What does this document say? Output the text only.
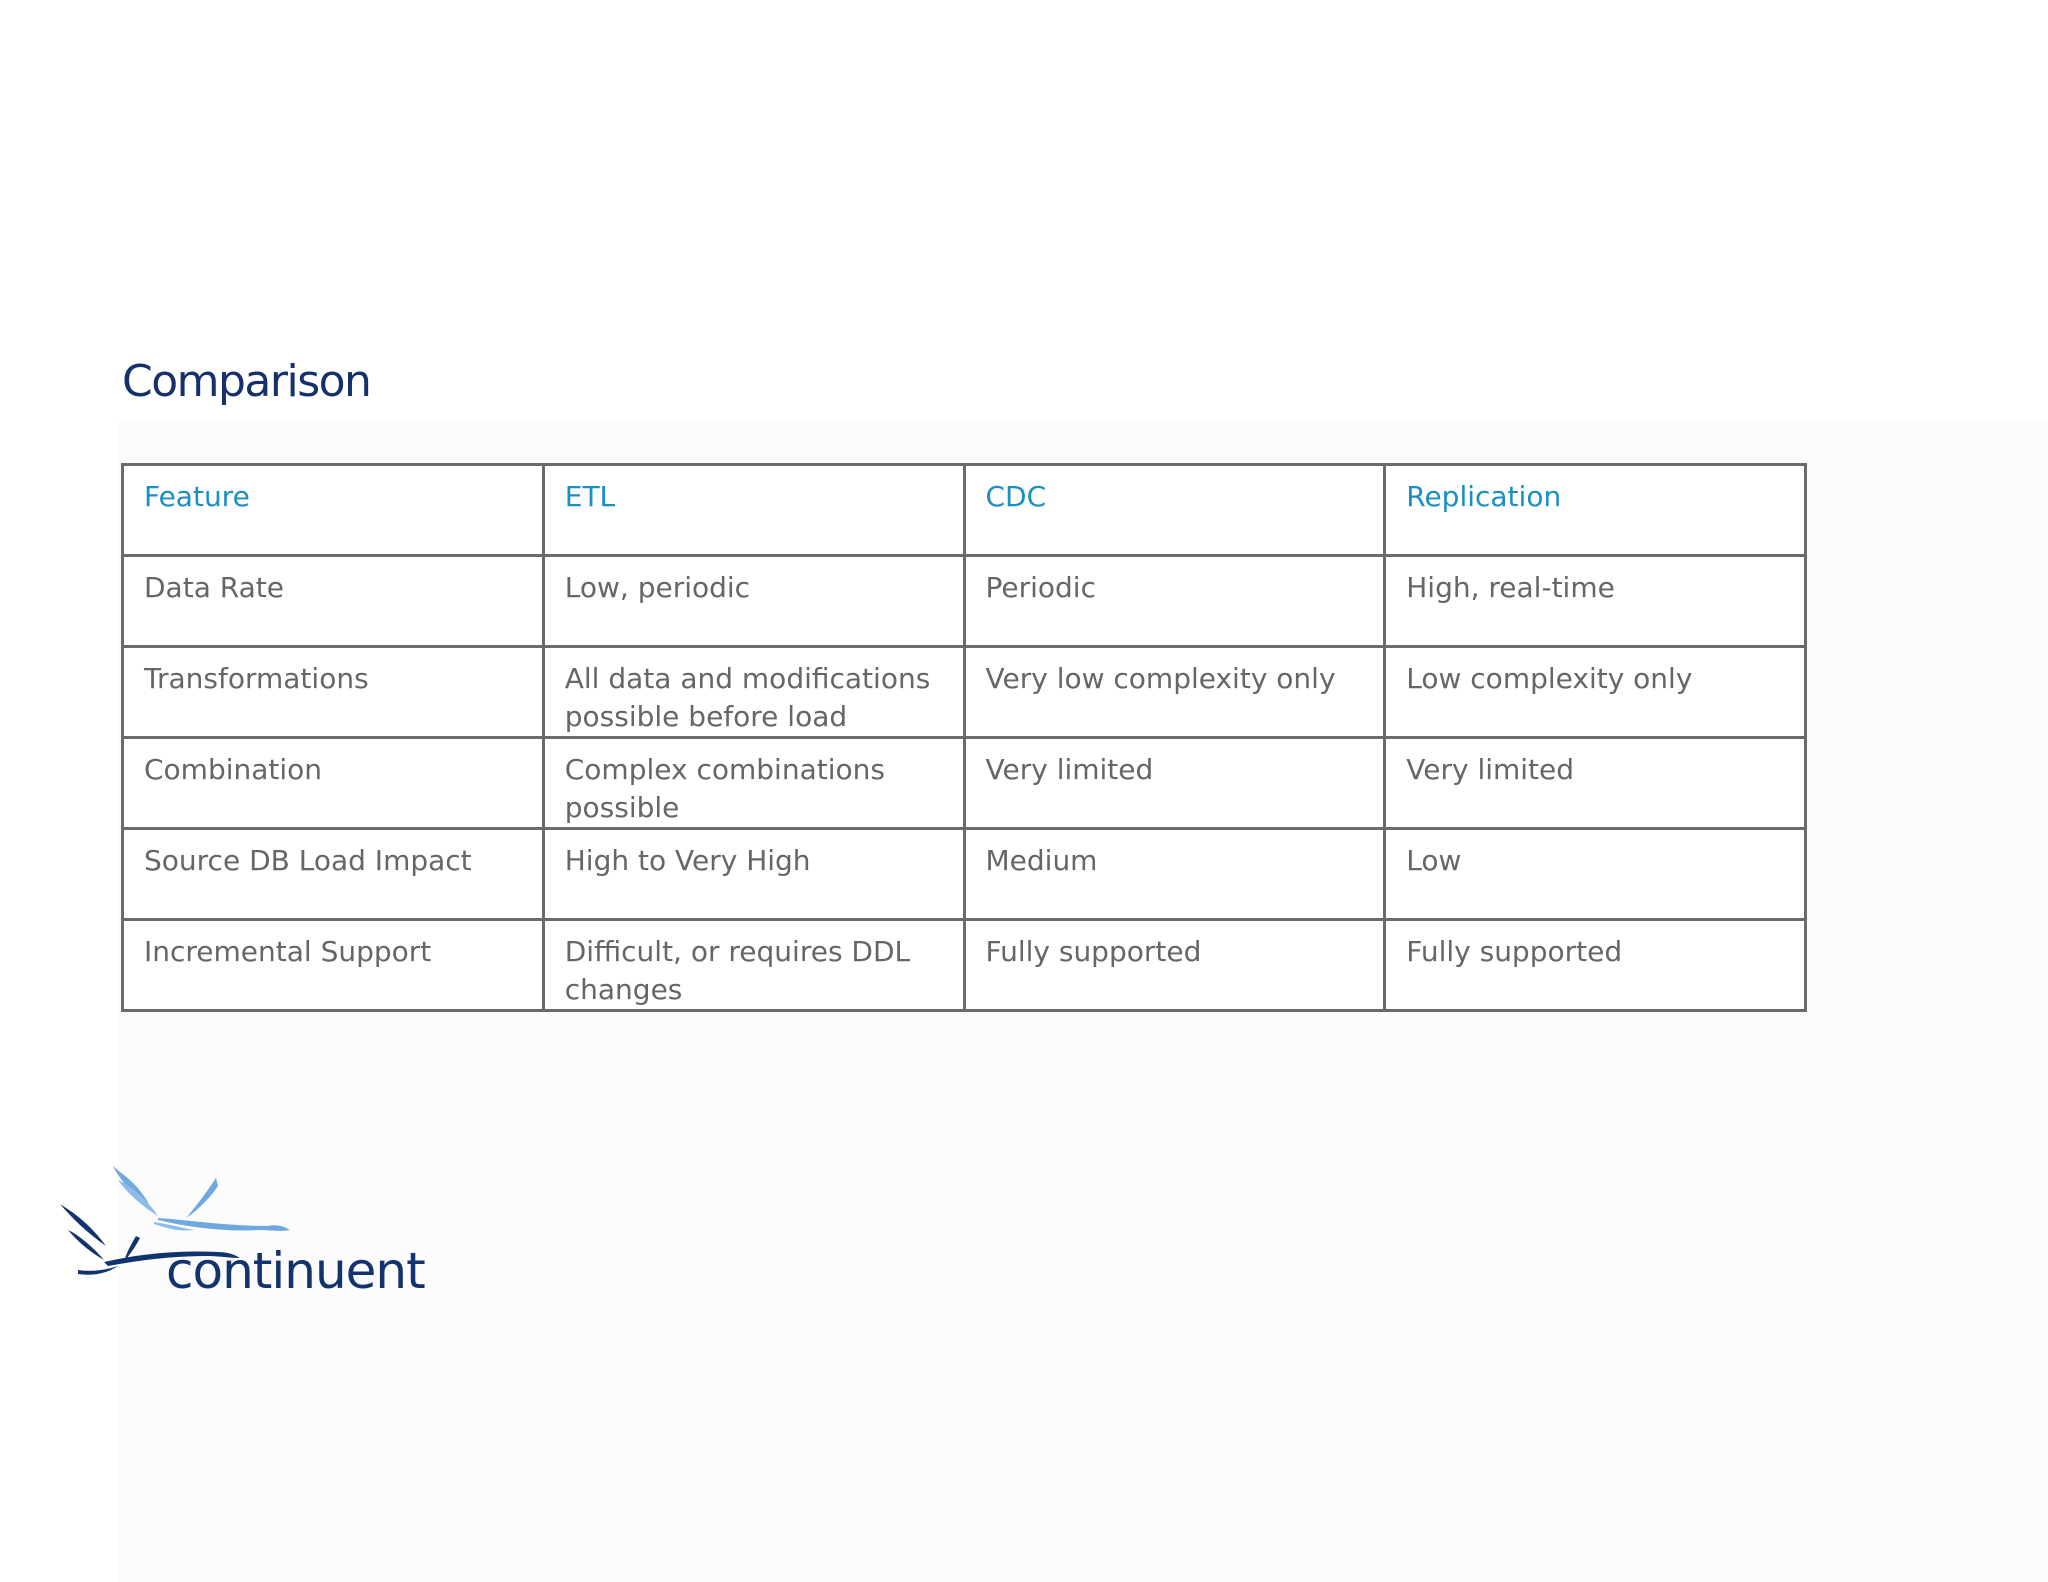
Comparison
Feature	ETL	CDC	Replication
Data Rate	Low, periodic	Periodic	High, real-time
Transformations	All data and modifications possible before load	Very low complexity only	Low complexity only
Combination	Complex combinations possible	Very limited	Very limited
Source DB Load Impact	High to Very High	Medium	Low
Incremental Support	Difficult, or requires DDL changes	Fully supported	Fully supported
continuent
